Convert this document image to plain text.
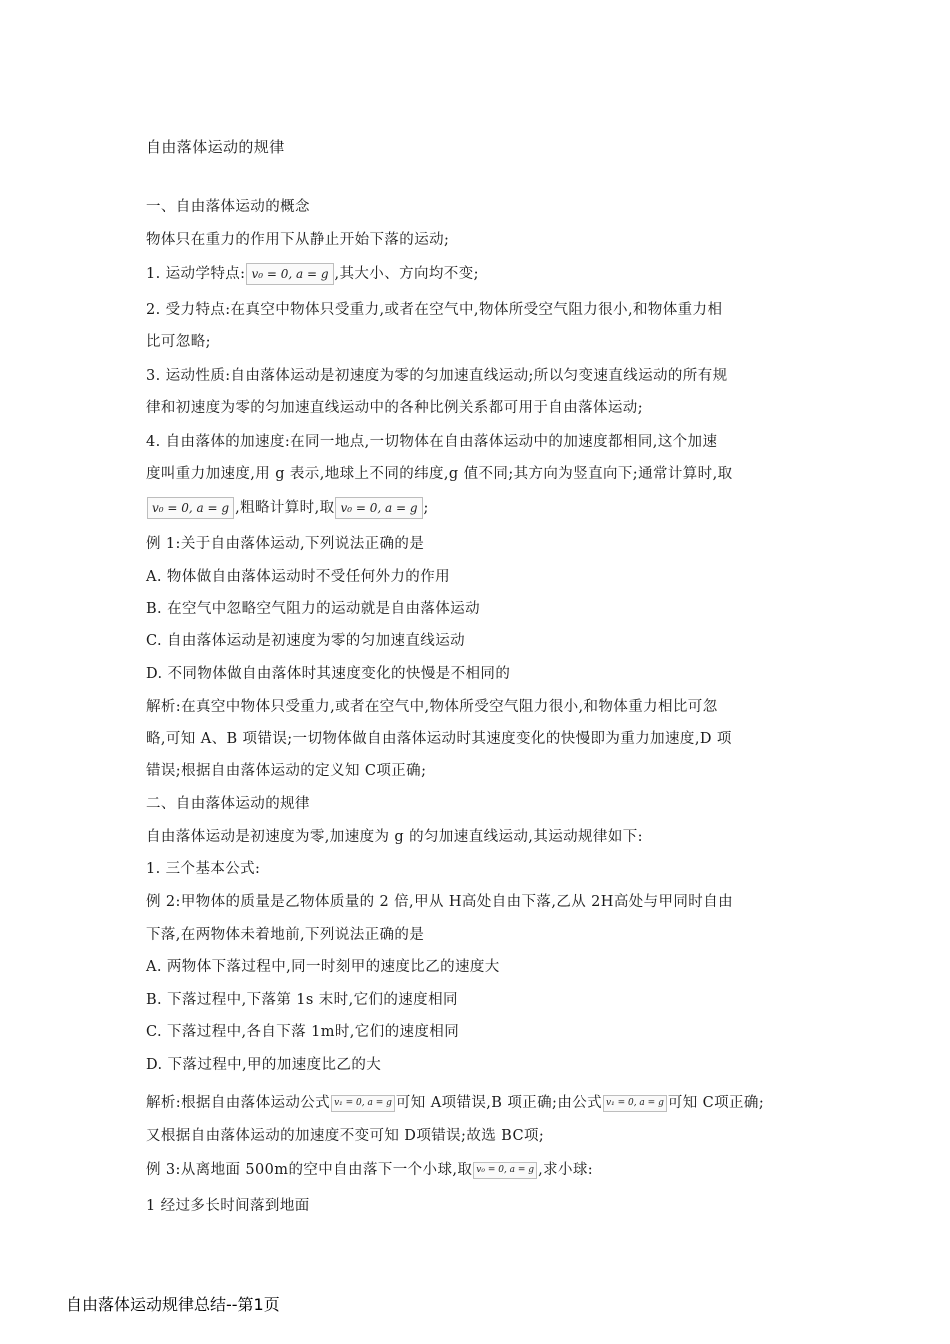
自由落体运动的规律

一、自由落体运动的概念

物体只在重力的作用下从静止开始下落的运动;

1. 运动学特点: v₀ = 0, a = g ,其大小、方向均不变;

2. 受力特点:在真空中物体只受重力,或者在空气中,物体所受空气阻力很小,和物体重力相

比可忽略;

3. 运动性质:自由落体运动是初速度为零的匀加速直线运动;所以匀变速直线运动的所有规

律和初速度为零的匀加速直线运动中的各种比例关系都可用于自由落体运动;

4. 自由落体的加速度:在同一地点,一切物体在自由落体运动中的加速度都相同,这个加速

度叫重力加速度,用 g 表示,地球上不同的纬度,g 值不同;其方向为竖直向下;通常计算时,取

v₀ = 0, a = g ,粗略计算时,取 v₀ = 0, a = g ;

例 1:关于自由落体运动,下列说法正确的是

A. 物体做自由落体运动时不受任何外力的作用

B. 在空气中忽略空气阻力的运动就是自由落体运动

C. 自由落体运动是初速度为零的匀加速直线运动

D. 不同物体做自由落体时其速度变化的快慢是不相同的

解析:在真空中物体只受重力,或者在空气中,物体所受空气阻力很小,和物体重力相比可忽

略,可知 A、B 项错误;一切物体做自由落体运动时其速度变化的快慢即为重力加速度,D 项

错误;根据自由落体运动的定义知 C项正确;

二、自由落体运动的规律

自由落体运动是初速度为零,加速度为 g 的匀加速直线运动,其运动规律如下:

1. 三个基本公式:

例 2:甲物体的质量是乙物体质量的 2 倍,甲从 H高处自由下落,乙从 2H高处与甲同时自由

下落,在两物体未着地前,下列说法正确的是

A. 两物体下落过程中,同一时刻甲的速度比乙的速度大

B. 下落过程中,下落第 1s 末时,它们的速度相同

C. 下落过程中,各自下落 1m时,它们的速度相同

D. 下落过程中,甲的加速度比乙的大

解析:根据自由落体运动公式 v₁ = 0, a = g 可知 A项错误,B 项正确;由公式 v₁ = 0, a = g 可知 C项正确;

又根据自由落体运动的加速度不变可知 D项错误;故选 BC项;

例 3:从离地面 500m的空中自由落下一个小球,取 v₀ = 0, a = g ,求小球:

1 经过多长时间落到地面

自由落体运动规律总结--第1页
